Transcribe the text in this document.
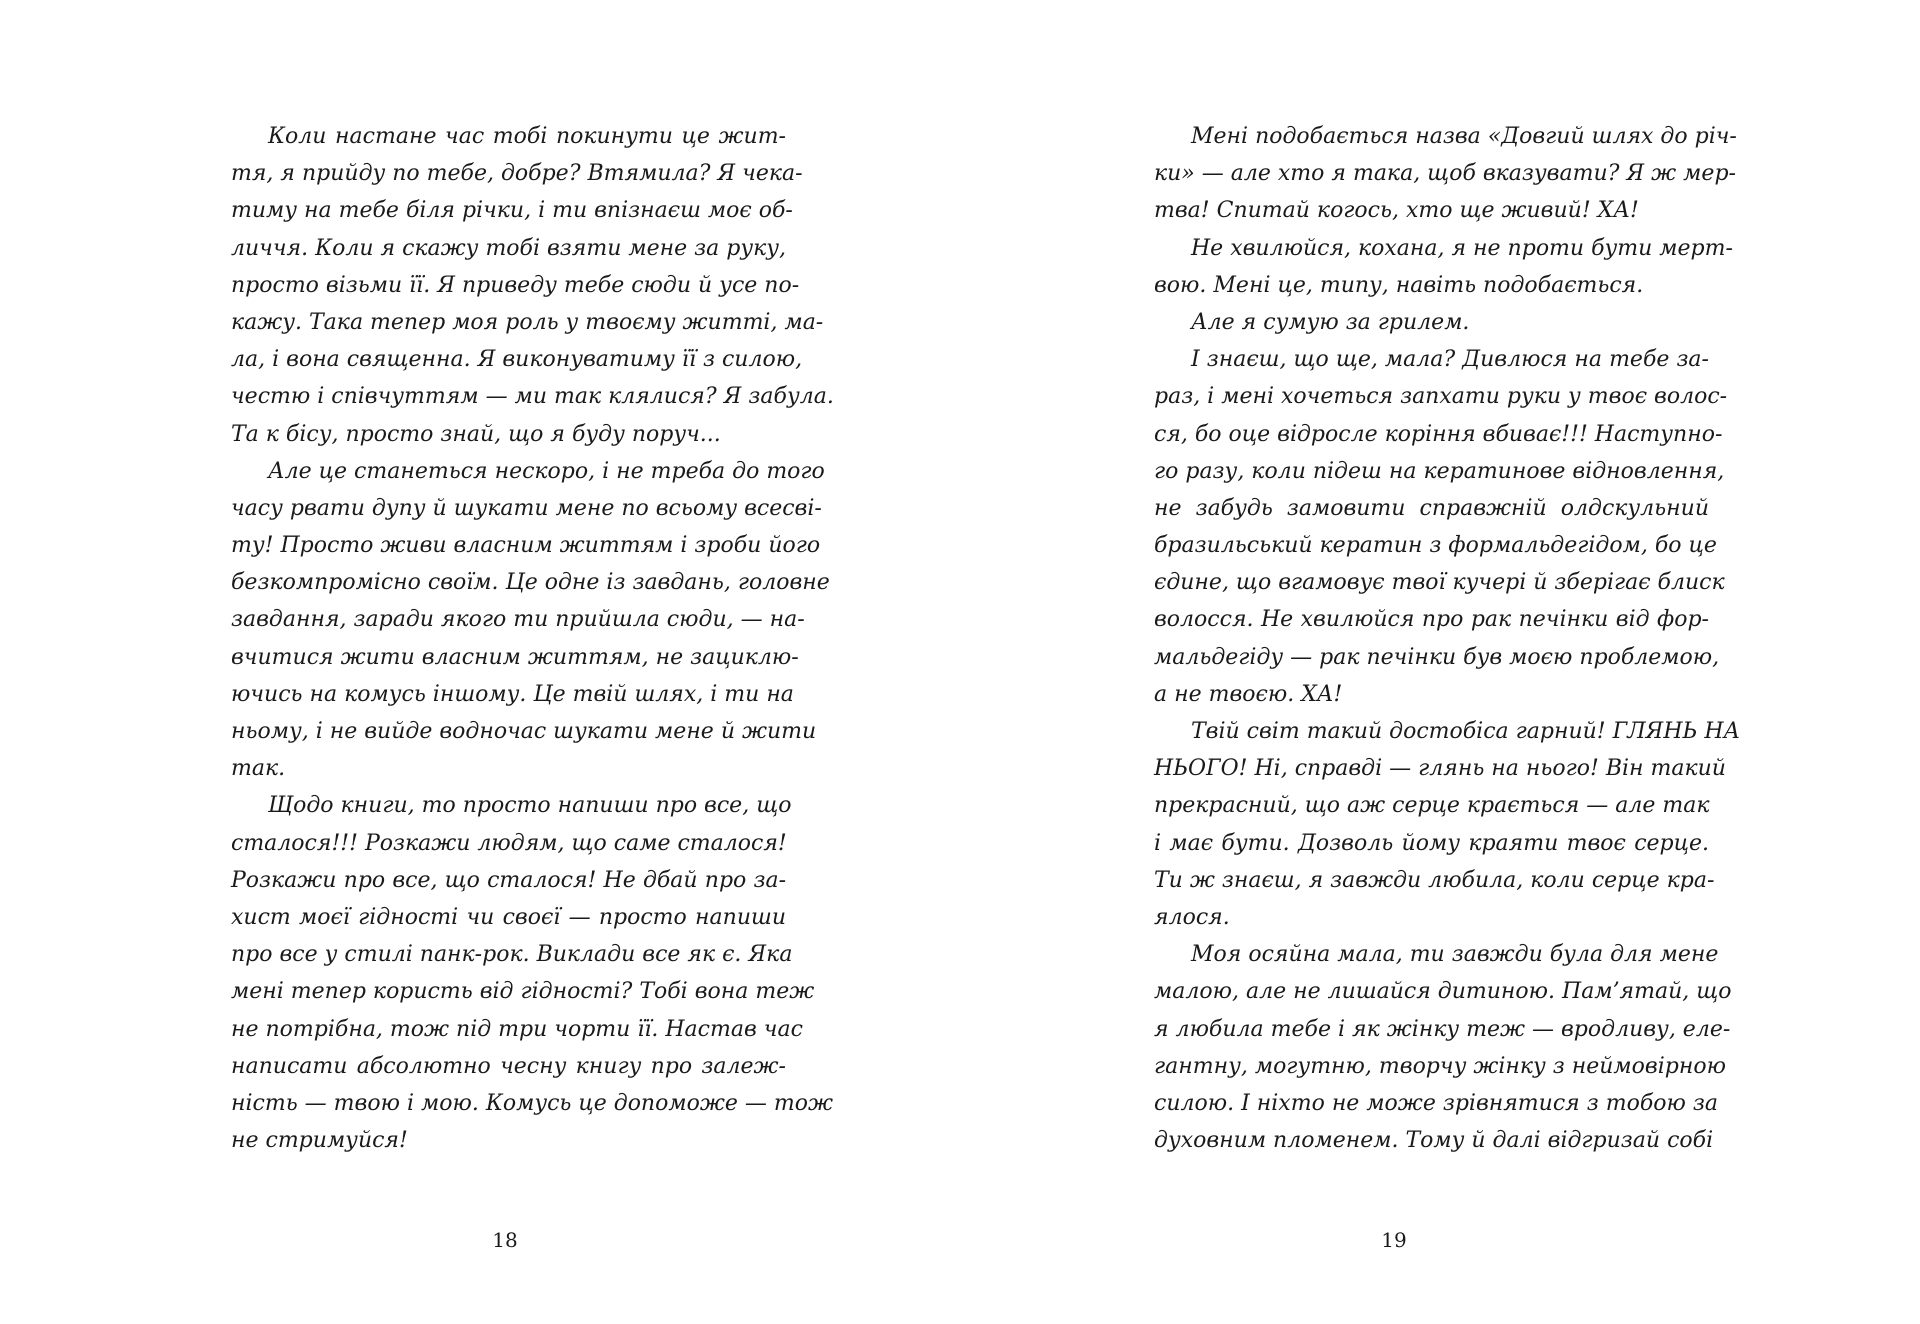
Коли настане час тобі покинути це жит-
тя, я прийду по тебе, добре? Втямила? Я чека-
тиму на тебе біля річки, і ти впізнаєш моє об-
личчя. Коли я скажу тобі взяти мене за руку,
просто візьми її. Я приведу тебе сюди й усе по-
кажу. Така тепер моя роль у твоєму житті, ма-
ла, і вона священна. Я виконуватиму її з силою,
честю і співчуттям — ми так клялися? Я забула.
Та к бісу, просто знай, що я буду поруч...
Але це станеться нескоро, і не треба до того
часу рвати дупу й шукати мене по всьому всесві-
ту! Просто живи власним життям і зроби його
безкомпромісно своїм. Це одне із завдань, головне
завдання, заради якого ти прийшла сюди, — на-
вчитися жити власним життям, не зациклю-
ючись на комусь іншому. Це твій шлях, і ти на
ньому, і не вийде водночас шукати мене й жити
так.
Щодо книги, то просто напиши про все, що
сталося!!! Розкажи людям, що саме сталося!
Розкажи про все, що сталося! Не дбай про за-
хист моєї гідності чи своєї — просто напиши
про все у стилі панк-рок. Виклади все як є. Яка
мені тепер користь від гідності? Тобі вона теж
не потрібна, тож під три чорти її. Настав час
написати абсолютно чесну книгу про залеж-
ність — твою і мою. Комусь це допоможе — тож
не стримуйся!
18
Мені подобається назва «Довгий шлях до річ-
ки» — але хто я така, щоб вказувати? Я ж мер-
тва! Спитай когось, хто ще живий! ХА!
Не хвилюйся, кохана, я не проти бути мерт-
вою. Мені це, типу, навіть подобається.
Але я сумую за грилем.
І знаєш, що ще, мала? Дивлюся на тебе за-
раз, і мені хочеться запхати руки у твоє волос-
ся, бо оце відросле коріння вбиває!!! Наступно-
го разу, коли підеш на кератинове відновлення,
не забудь замовити справжній олдскульний
бразильський кератин з формальдегідом, бо це
єдине, що вгамовує твої кучері й зберігає блиск
волосся. Не хвилюйся про рак печінки від фор-
мальдегіду — рак печінки був моєю проблемою,
а не твоєю. ХА!
Твій світ такий достобіса гарний! ГЛЯНЬ НА
НЬОГО! Ні, справді — глянь на нього! Він такий
прекрасний, що аж серце крається — але так
і має бути. Дозволь йому краяти твоє серце.
Ти ж знаєш, я завжди любила, коли серце кра-
ялося.
Моя осяйна мала, ти завжди була для мене
малою, але не лишайся дитиною. Пам’ятай, що
я любила тебе і як жінку теж — вродливу, еле-
гантну, могутню, творчу жінку з неймовірною
силою. І ніхто не може зрівнятися з тобою за
духовним пломенем. Тому й далі відгризай собі
19
